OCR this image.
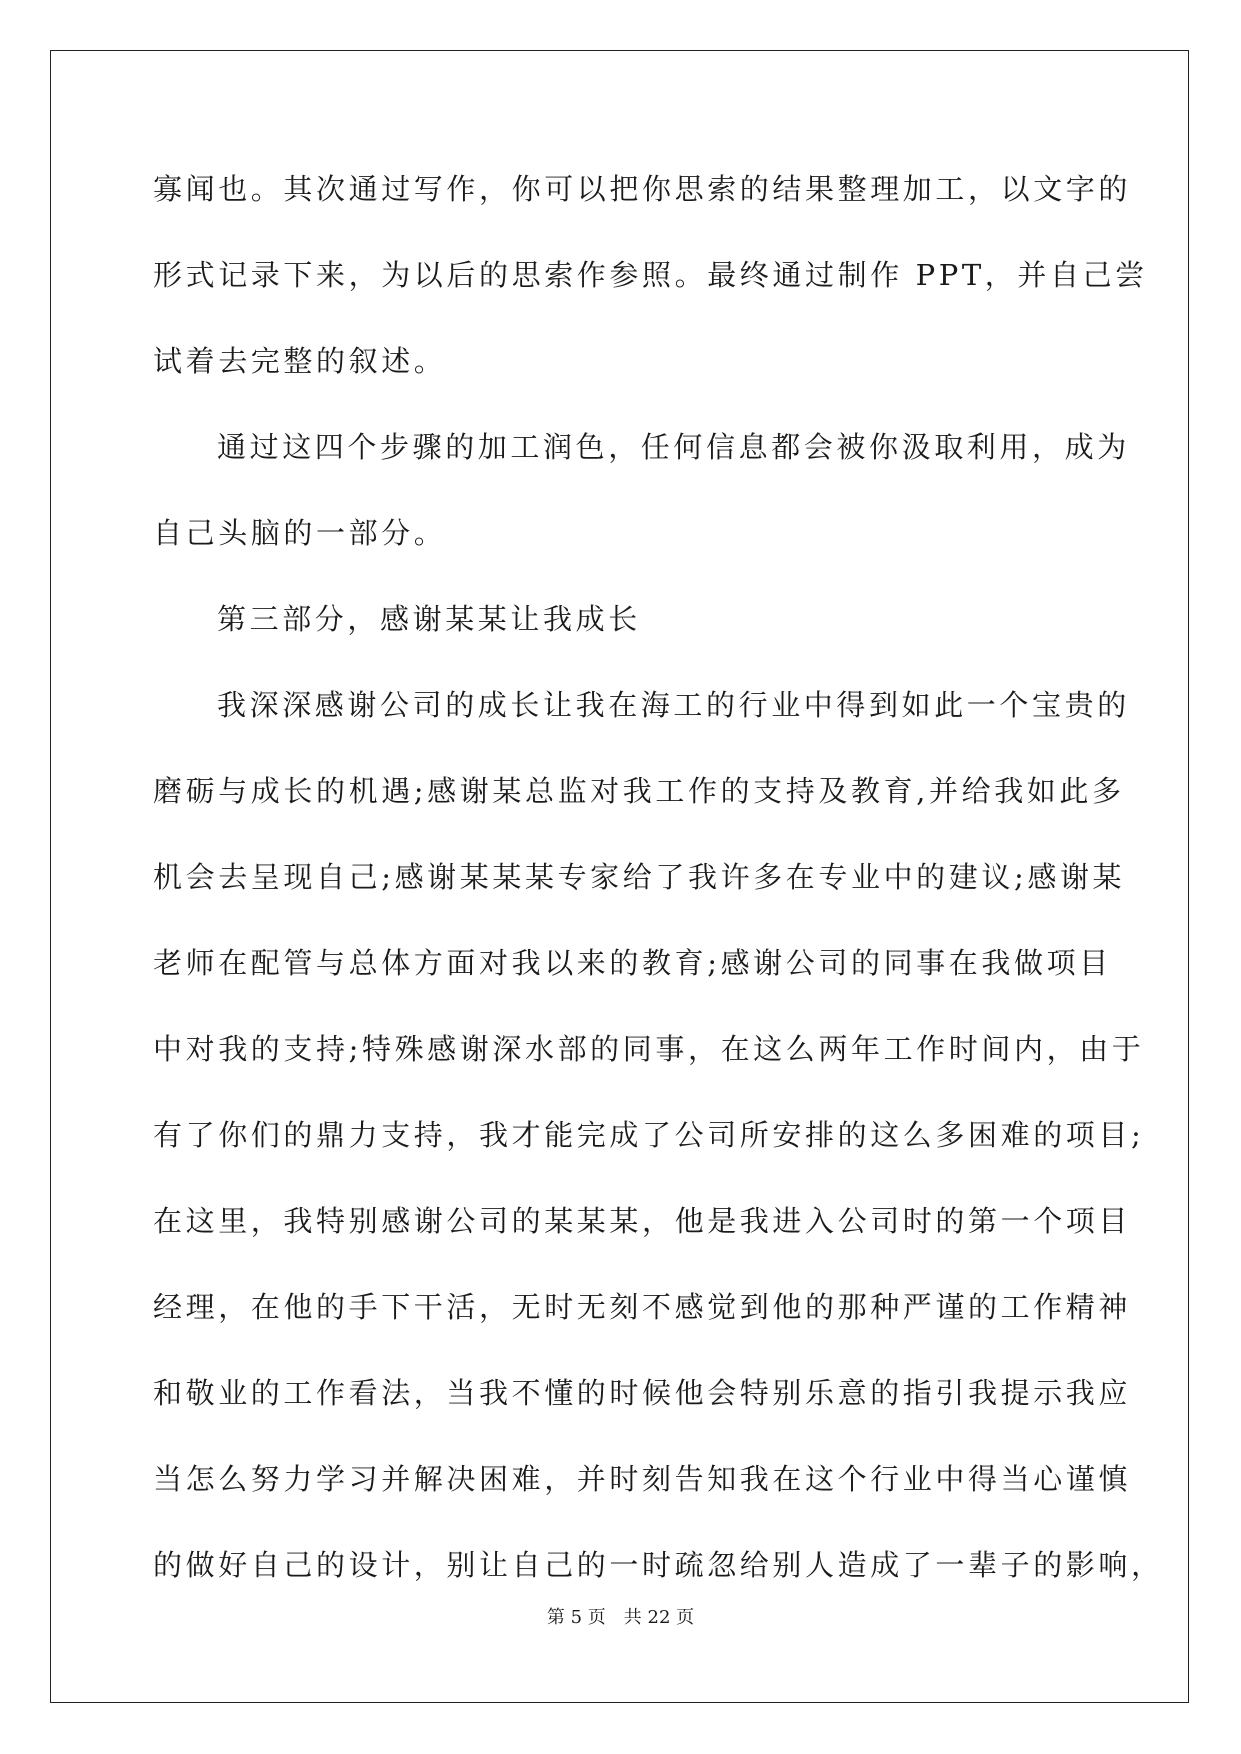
寡闻也。其次通过写作，你可以把你思索的结果整理加工，以文字的

形式记录下来，为以后的思索作参照。最终通过制作 PPT，并自己尝

试着去完整的叙述。

通过这四个步骤的加工润色，任何信息都会被你汲取利用，成为

自己头脑的一部分。

第三部分，感谢某某让我成长

我深深感谢公司的成长让我在海工的行业中得到如此一个宝贵的

磨砺与成长的机遇;感谢某总监对我工作的支持及教育,并给我如此多

机会去呈现自己;感谢某某某专家给了我许多在专业中的建议;感谢某

老师在配管与总体方面对我以来的教育;感谢公司的同事在我做项目

中对我的支持;特殊感谢深水部的同事，在这么两年工作时间内，由于

有了你们的鼎力支持，我才能完成了公司所安排的这么多困难的项目;

在这里，我特别感谢公司的某某某，他是我进入公司时的第一个项目

经理，在他的手下干活，无时无刻不感觉到他的那种严谨的工作精神

和敬业的工作看法，当我不懂的时候他会特别乐意的指引我提示我应

当怎么努力学习并解决困难，并时刻告知我在这个行业中得当心谨慎

的做好自己的设计，别让自己的一时疏忽给别人造成了一辈子的影响，

第 5 页　共 22 页
